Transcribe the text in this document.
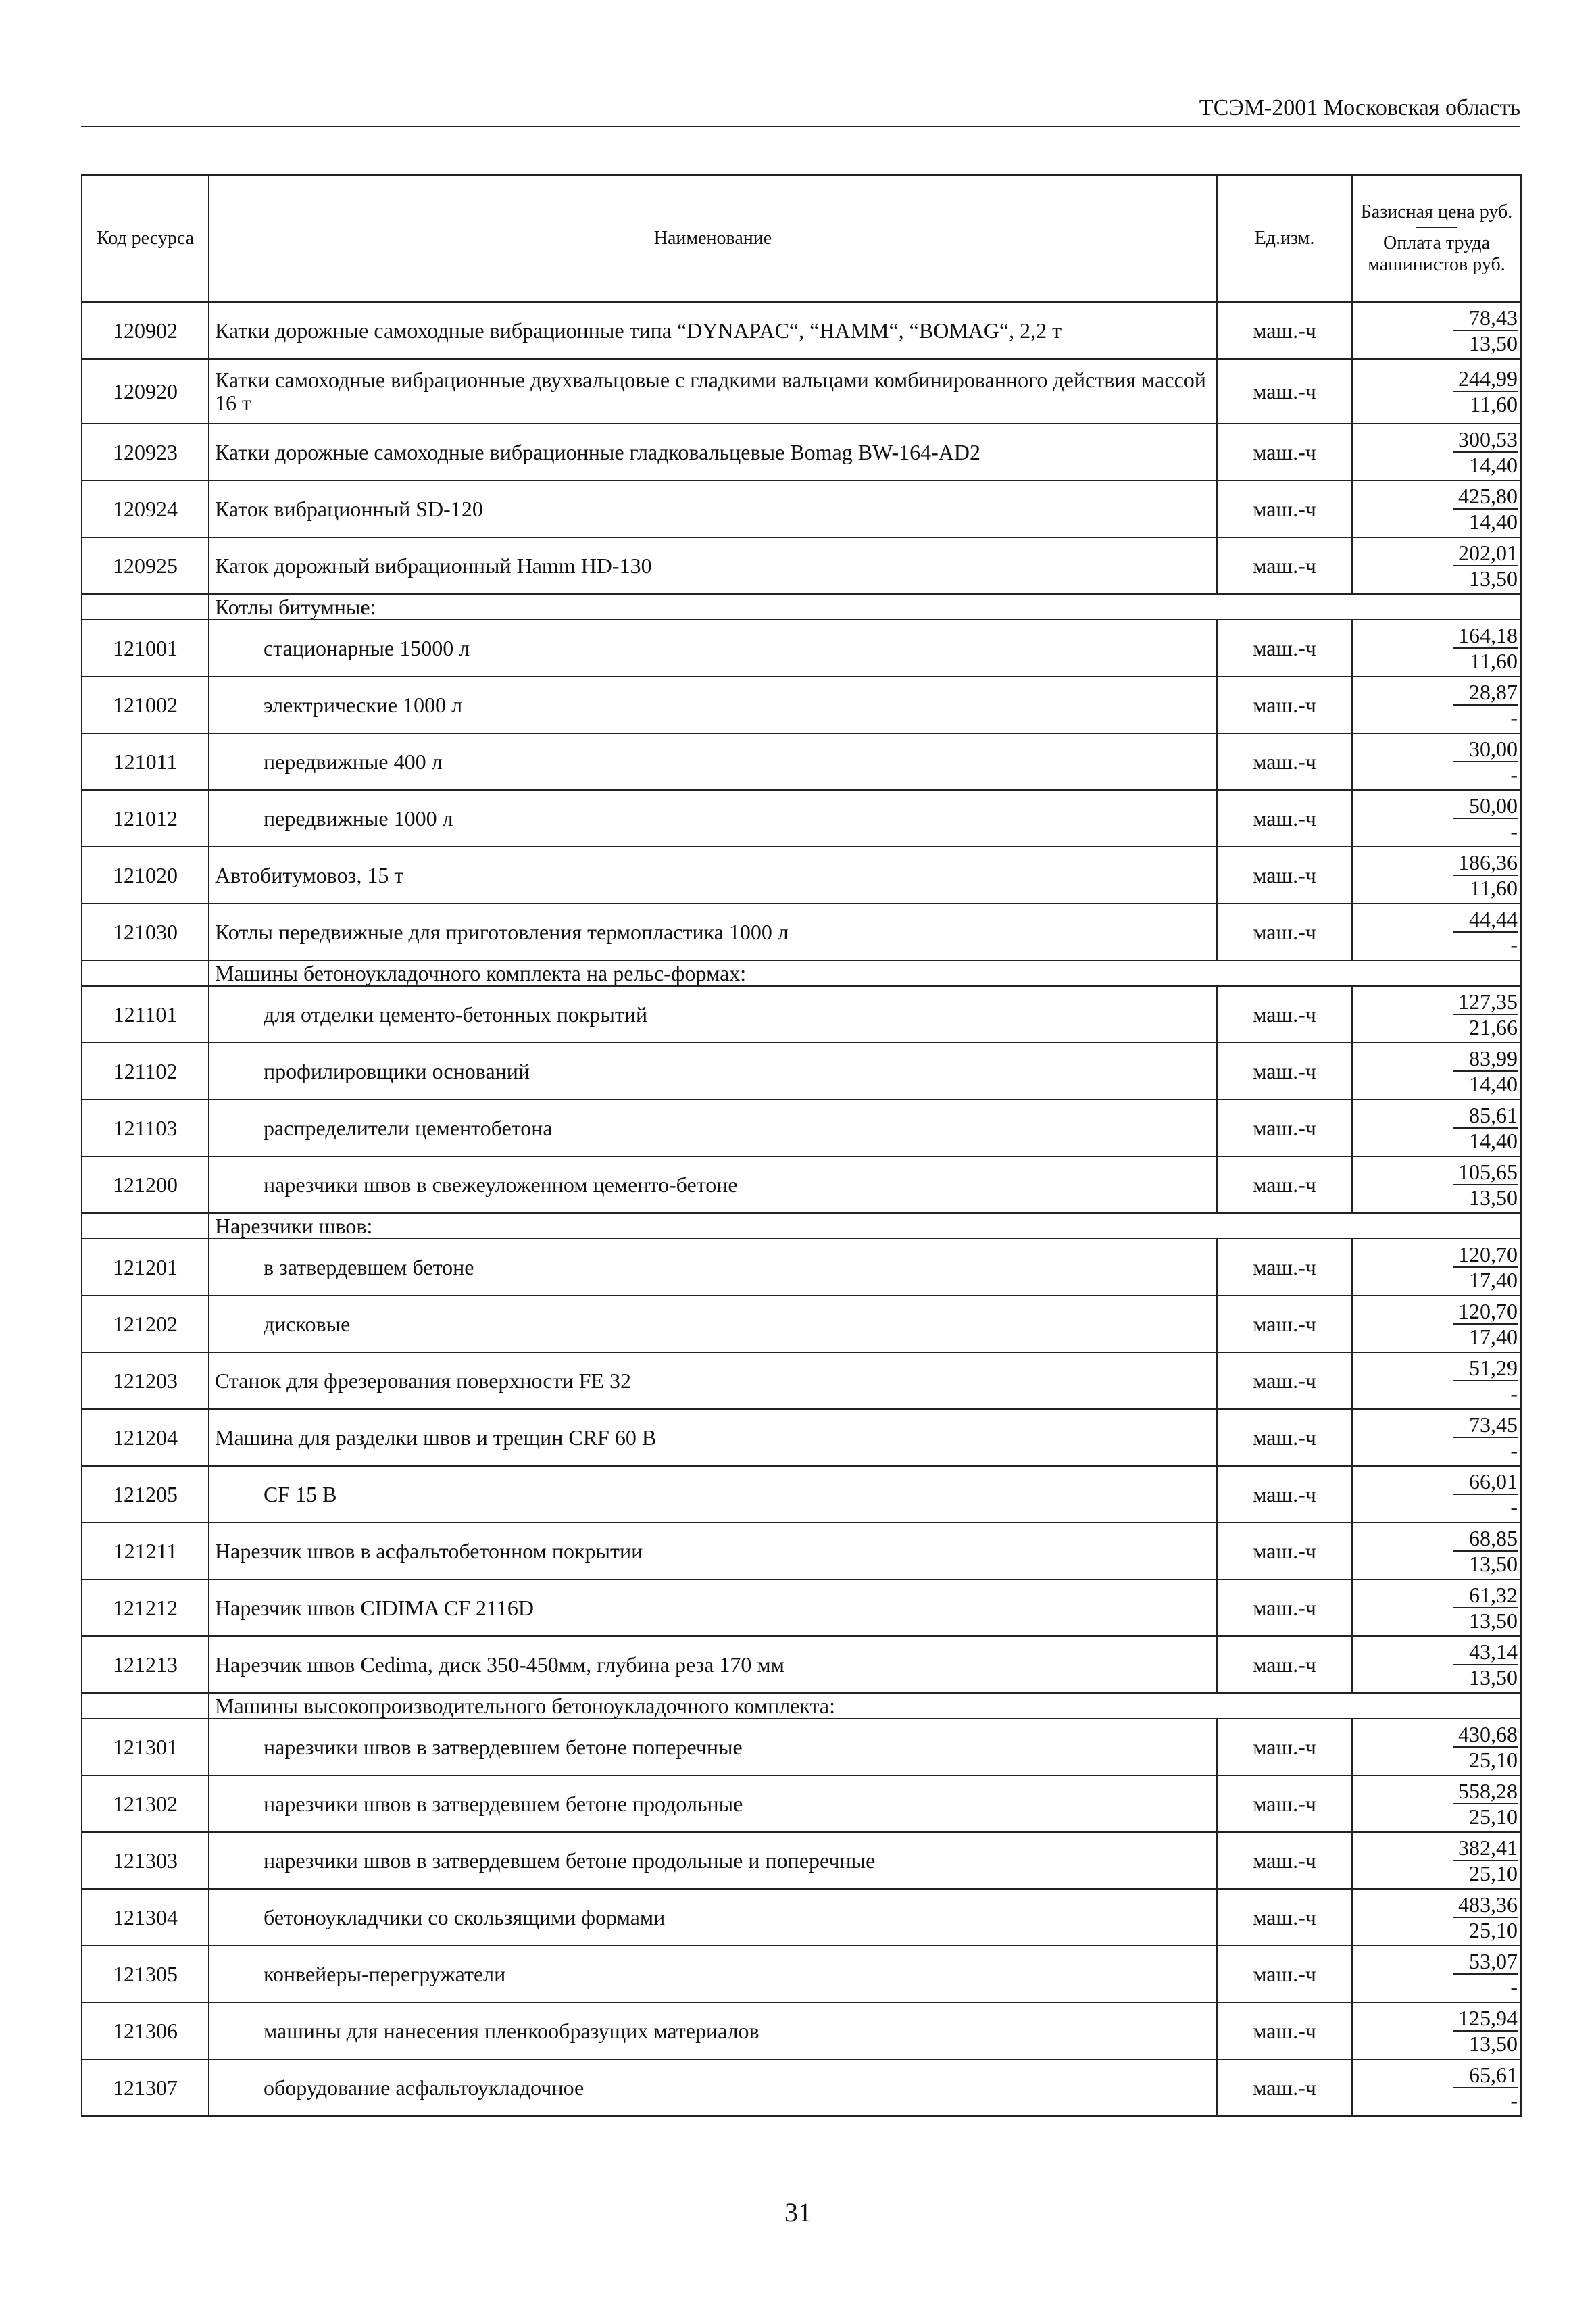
ТСЭМ-2001 Московская область
Код ресурса	Наименование	Ед.изм.	Базисная цена руб.
Оплата труда машинистов руб.

120902	Катки дорожные самоходные вибрационные типа “DYNAPAC“, “HAMM“, “BOMAG“, 2,2 т	маш.-ч	$\frac{78,43}{13,50}$

120920	Катки самоходные вибрационные двухвальцовые с гладкими вальцами комбинированного действия массой 16 т	маш.-ч	$\frac{244,99}{11,60}$

120923	Катки дорожные самоходные вибрационные гладковальцевые Bomag BW-164-AD2	маш.-ч	$\frac{300,53}{14,40}$

120924	Каток вибрационный SD-120	маш.-ч	$\frac{425,80}{14,40}$

120925	Каток дорожный вибрационный Hamm HD-130	маш.-ч	$\frac{202,01}{13,50}$

	Котлы битумные:		
121001	стационарные 15000 л	маш.-ч	$\frac{164,18}{11,60}$

121002	электрические 1000 л	маш.-ч	28,87
-

121011	передвижные 400 л	маш.-ч	30,00
-

121012	передвижные 1000 л	маш.-ч	50,00
-

121020	Автобитумовоз, 15 т	маш.-ч	$\frac{186,36}{11,60}$

121030	Котлы передвижные для приготовления термопластика 1000 л	маш.-ч	44,44
-

	Машины бетоноукладочного комплекта на рельс-формах:		
121101	для отделки цементо-бетонных покрытий	маш.-ч	$\frac{127,35}{21,66}$

121102	профилировщики оснований	маш.-ч	$\frac{83,99}{14,40}$

121103	распределители цементобетона	маш.-ч	$\frac{85,61}{14,40}$

121200	нарезчики швов в свежеуложенном цементо-бетоне	маш.-ч	$\frac{105,65}{13,50}$

	Нарезчики швов:		
121201	в затвердевшем бетоне	маш.-ч	$\frac{120,70}{17,40}$

121202	дисковые	маш.-ч	$\frac{120,70}{17,40}$

121203	Станок для фрезерования поверхности FE 32	маш.-ч	51,29
-

121204	Машина для разделки швов и трещин CRF 60 В	маш.-ч	73,45
-

121205	CF 15 В	маш.-ч	66,01
-

121211	Нарезчик швов в асфальтобетонном покрытии	маш.-ч	$\frac{68,85}{13,50}$

121212	Нарезчик швов CIDIMA CF 2116D	маш.-ч	$\frac{61,32}{13,50}$

121213	Нарезчик швов Cedima, диск 350-450мм, глубина реза 170 мм	маш.-ч	$\frac{43,14}{13,50}$

	Машины высокопроизводительного бетоноукладочного комплекта:		
121301	нарезчики швов в затвердевшем бетоне поперечные	маш.-ч	$\frac{430,68}{25,10}$

121302	нарезчики швов в затвердевшем бетоне продольные	маш.-ч	$\frac{558,28}{25,10}$

121303	нарезчики швов в затвердевшем бетоне продольные и поперечные	маш.-ч	$\frac{382,41}{25,10}$

121304	бетоноукладчики со скользящими формами	маш.-ч	$\frac{483,36}{25,10}$

121305	конвейеры-перегружатели	маш.-ч	53,07
-

121306	машины для нанесения пленкообразущих материалов	маш.-ч	$\frac{125,94}{13,50}$

121307	оборудование асфальтоукладочное	маш.-ч	65,61
-
31
